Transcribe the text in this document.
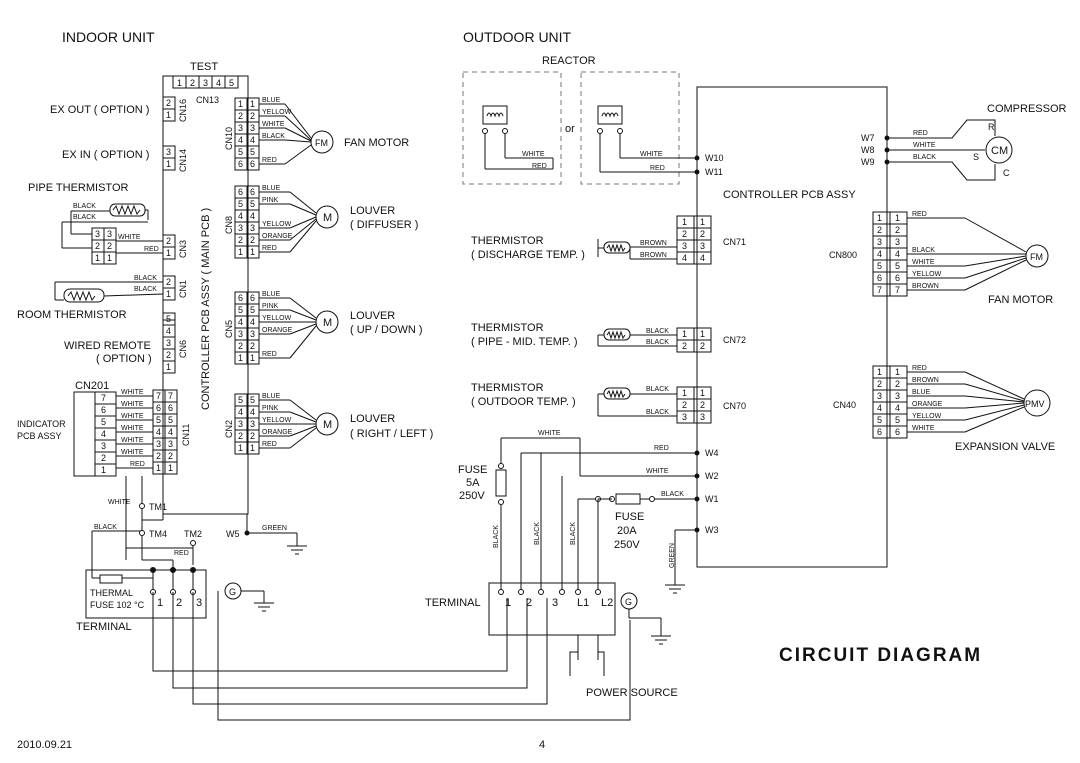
INDOOR UNIT
TEST
1 2 3 4 5
CN13
CONTROLLER PCB ASSY ( MAIN PCB )
2
1 CN16
3
1 CN14
2
1 CN3
2
1 CN1
5
4
3
2
1
CN6
7 7
6 6
5 5
4 4
3 3
2 2
1 1
CN11
EX OUT ( OPTION )
EX IN ( OPTION )
PIPE THERMISTOR
ROOM THERMISTOR
WIRED REMOTE
( OPTION )
CN201
INDICATOR
PCB ASSY
BLACK
BLACK
3 3
2 2
1 1
WHITE
RED
BLACK
BLACK
7
6
5
4
3
2
1
WHITE
WHITE
WHITE
WHITE
WHITE
WHITE
RED
1 1
2 2
3 3
4 4
5 5
6 6
CN10
6 6
5 5
4 4
3 3
2 2
1 1
CN8
6 6
5 5
4 4
3 3
2 2
1 1
CN5
5 5
4 4
3 3
2 2
1 1
CN2
BLUE
YELLOW
WHITE
BLACK
RED
FM FAN MOTOR
BLUE
PINK
YELLOW
ORANGE
RED
M
LOUVER
( DIFFUSER )
BLUE
PINK
YELLOW
ORANGE
RED
M
LOUVER
( UP / DOWN )
BLUE
PINK
YELLOW
ORANGE
RED
M LOUVER
( RIGHT / LEFT )
WHITE TM1
BLACK
TM4 TM2
RED
W5
GREEN
THERMAL
FUSE 102 °C 1 2 3
TERMINAL
G
OUTDOOR UNIT
REACTOR
or
WHITE
RED
WHITE
RED
W10
W11
CONTROLLER PCB ASSY
COMPRESSOR
W7
W8
W9
RED
WHITE
BLACK
CM
R
S
C
THERMISTOR
( DISCHARGE TEMP. )
BROWN
BROWN
1 1
2 2
3 3
4 4
CN71
THERMISTOR
( PIPE - MID. TEMP. )
BLACK
BLACK
1 1
2 2
CN72
THERMISTOR
( OUTDOOR TEMP. )
BLACK
BLACK
1 1
2 2
3 3
CN70
1 1
2 2
3 3
4 4
5 5
6 6
7 7
CN800
RED
BLACK
WHITE
YELLOW
BROWN
FM
FAN MOTOR
1 1
2 2
3 3
4 4
5 5
6 6
CN40
RED
BROWN
BLUE
ORANGE
YELLOW
WHITE
PMV
EXPANSION VALVE
W4
W2
W1
W3
RED
WHITE
WHITE
FUSE
5A
250V
BLACK	BLACK	BLACK
BLACK
FUSE
20A
250V	GREEN
TERMINAL 1 2 3 L1 L2 G
POWER SOURCE
CIRCUIT DIAGRAM
2010.09.21	4
